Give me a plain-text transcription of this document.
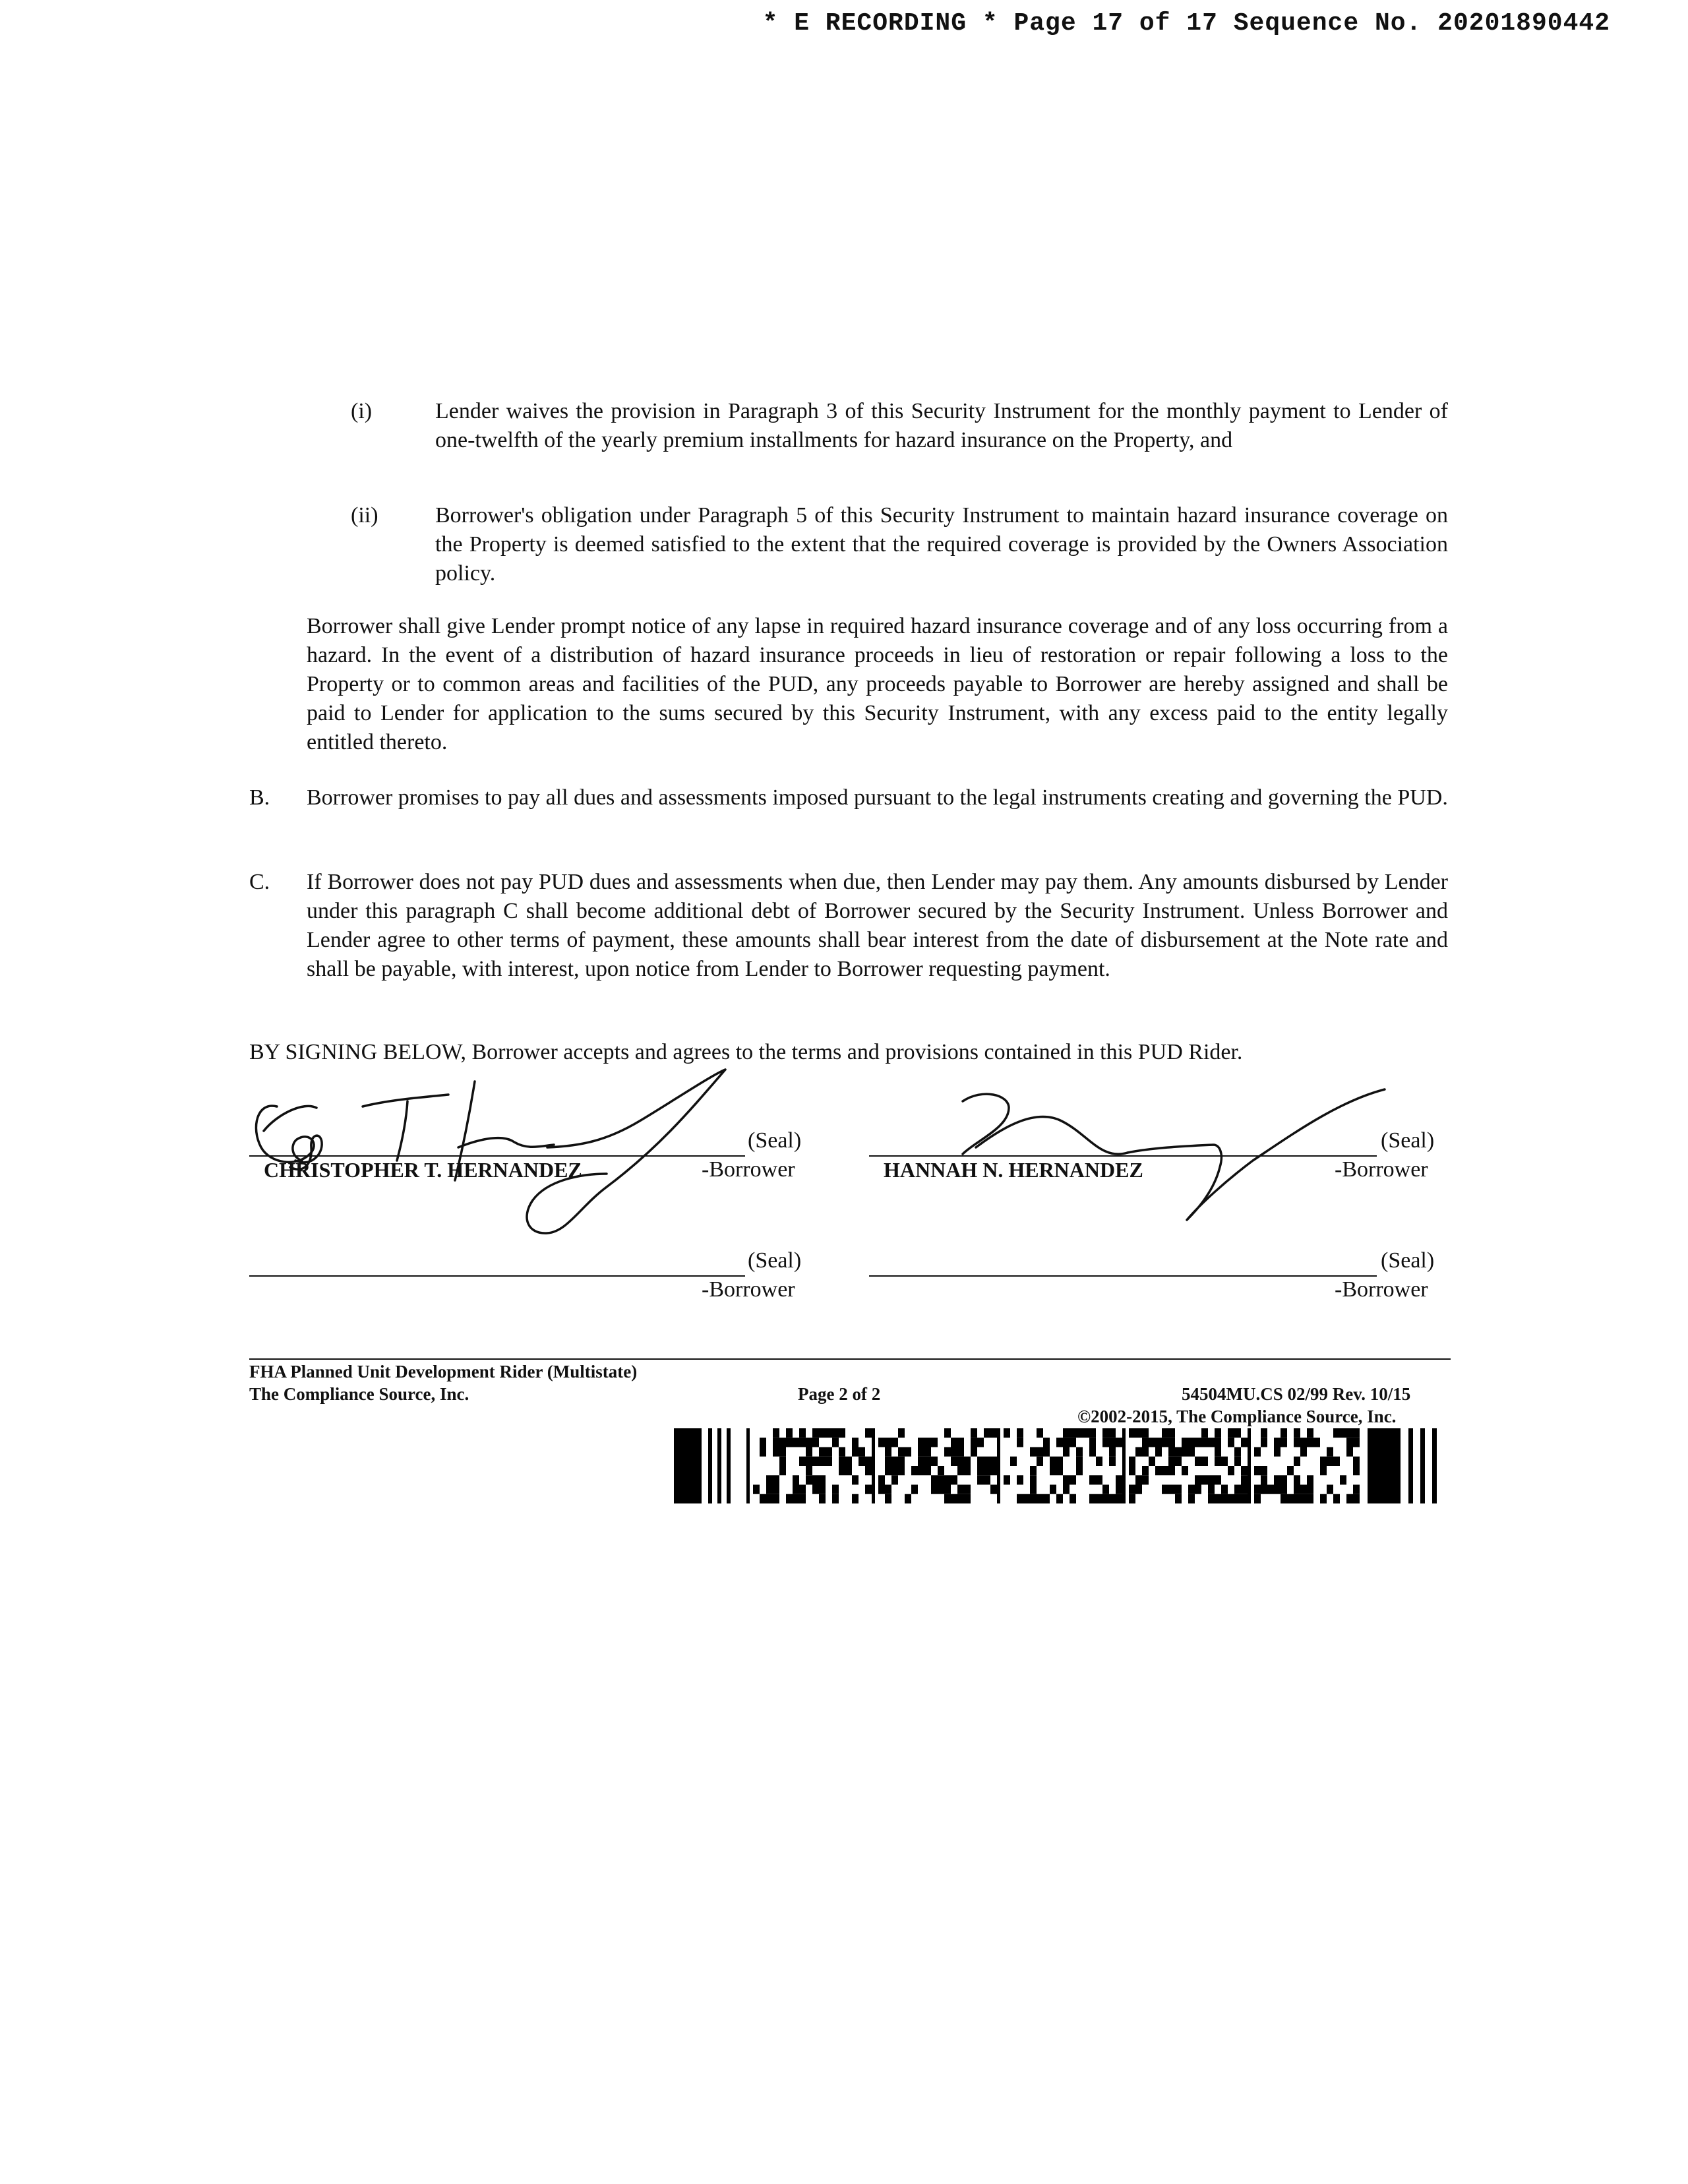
* E RECORDING * Page 17 of 17 Sequence No. 20201890442
(i)	Lender waives the provision in Paragraph 3 of this Security Instrument for the monthly payment to Lender of one-twelfth of the yearly premium installments for hazard insurance on the Property, and
(ii)	Borrower's obligation under Paragraph 5 of this Security Instrument to maintain hazard insurance coverage on the Property is deemed satisfied to the extent that the required coverage is provided by the Owners Association policy.
Borrower shall give Lender prompt notice of any lapse in required hazard insurance coverage and of any loss occurring from a hazard. In the event of a distribution of hazard insurance proceeds in lieu of restoration or repair following a loss to the Property or to common areas and facilities of the PUD, any proceeds payable to Borrower are hereby assigned and shall be paid to Lender for application to the sums secured by this Security Instrument, with any excess paid to the entity legally entitled thereto.
B. Borrower promises to pay all dues and assessments imposed pursuant to the legal instruments creating and governing the PUD.
C. If Borrower does not pay PUD dues and assessments when due, then Lender may pay them. Any amounts disbursed by Lender under this paragraph C shall become additional debt of Borrower secured by the Security Instrument. Unless Borrower and Lender agree to other terms of payment, these amounts shall bear interest from the date of disbursement at the Note rate and shall be payable, with interest, upon notice from Lender to Borrower requesting payment.
BY SIGNING BELOW, Borrower accepts and agrees to the terms and provisions contained in this PUD Rider.
(Seal)
CHRISTOPHER T. HERNANDEZ	-Borrower
(Seal)
HANNAH N. HERNANDEZ	-Borrower
(Seal)
-Borrower
(Seal)
-Borrower
FHA Planned Unit Development Rider (Multistate)
The Compliance Source, Inc.	Page 2 of 2	54504MU.CS 02/99 Rev. 10/15
©2002-2015, The Compliance Source, Inc.
